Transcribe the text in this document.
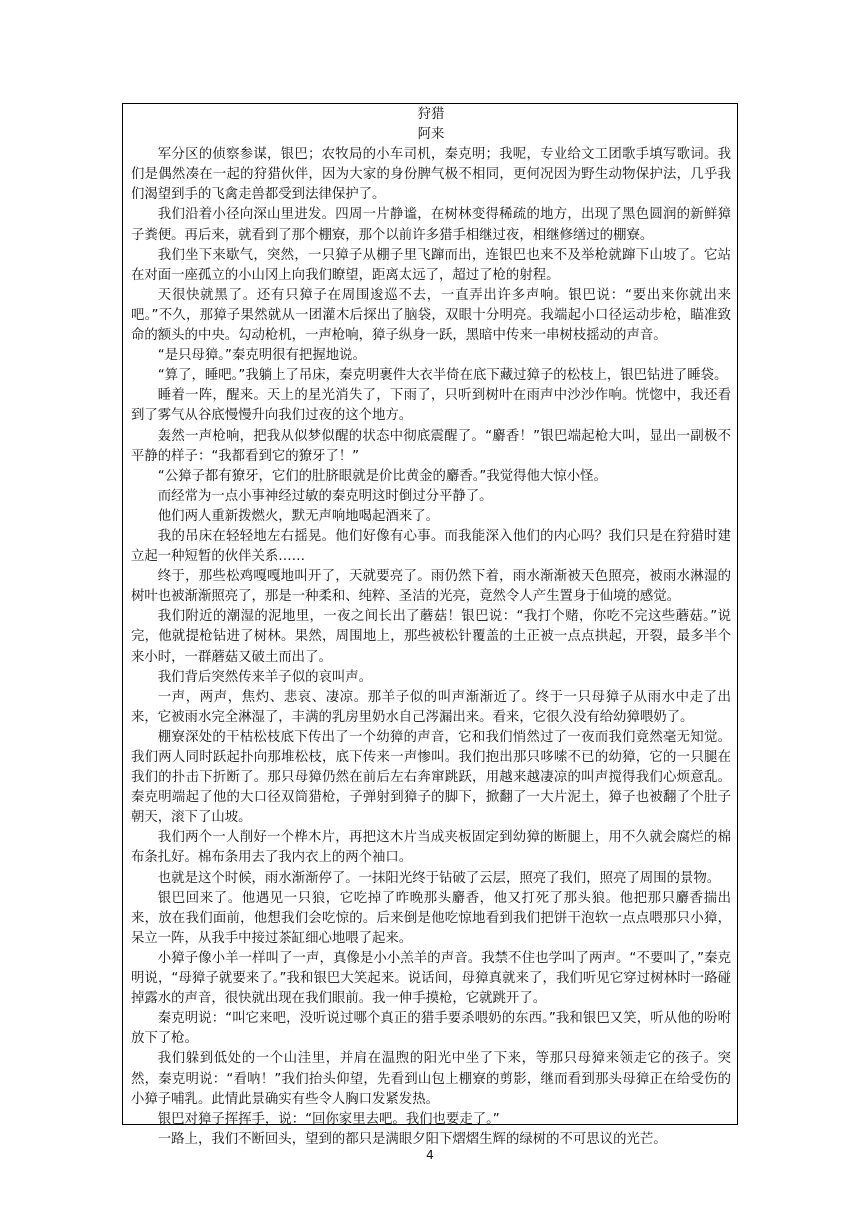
狩猎

阿来

军分区的侦察参谋，银巴；农牧局的小车司机，秦克明；我呢，专业给文工团歌手填写歌词。我们是偶然凑在一起的狩猎伙伴，因为大家的身份脾气极不相同，更何况因为野生动物保护法，几乎我们渴望到手的飞禽走兽都受到法律保护了。

我们沿着小径向深山里进发。四周一片静谧，在树林变得稀疏的地方，出现了黑色圆润的新鲜獐子粪便。再后来，就看到了那个棚寮，那个以前许多猎手相继过夜，相继修缮过的棚寮。

我们坐下来歇气，突然，一只獐子从棚子里飞蹿而出，连银巴也来不及举枪就蹿下山坡了。它站在对面一座孤立的小山冈上向我们瞭望，距离太远了，超过了枪的射程。

天很快就黑了。还有只獐子在周围逡巡不去，一直弄出许多声响。银巴说：“要出来你就出来吧。”不久，那獐子果然就从一团灌木后探出了脑袋，双眼十分明亮。我端起小口径运动步枪，瞄准致命的额头的中央。勾动枪机，一声枪响，獐子纵身一跃，黑暗中传来一串树枝摇动的声音。

“是只母獐。”秦克明很有把握地说。

“算了，睡吧。”我躺上了吊床，秦克明裹件大衣半倚在底下藏过獐子的松枝上，银巴钻进了睡袋。

睡着一阵，醒来。天上的星光消失了，下雨了，只听到树叶在雨声中沙沙作响。恍惚中，我还看到了雾气从谷底慢慢升向我们过夜的这个地方。

轰然一声枪响，把我从似梦似醒的状态中彻底震醒了。“麝香！”银巴端起枪大叫，显出一副极不平静的样子：“我都看到它的獠牙了！”

“公獐子都有獠牙，它们的肚脐眼就是价比黄金的麝香。”我觉得他大惊小怪。

而经常为一点小事神经过敏的秦克明这时倒过分平静了。

他们两人重新拨燃火，默无声响地喝起酒来了。

我的吊床在轻轻地左右摇晃。他们好像有心事。而我能深入他们的内心吗？我们只是在狩猎时建立起一种短暂的伙伴关系……

终于，那些松鸡嘎嘎地叫开了，天就要亮了。雨仍然下着，雨水渐渐被天色照亮，被雨水淋湿的树叶也被渐渐照亮了，那是一种柔和、纯粹、圣洁的光亮，竟然令人产生置身于仙境的感觉。

我们附近的潮湿的泥地里，一夜之间长出了蘑菇！银巴说：“我打个赌，你吃不完这些蘑菇。”说完，他就提枪钻进了树林。果然，周围地上，那些被松针覆盖的土正被一点点拱起，开裂，最多半个来小时，一群蘑菇又破土而出了。

我们背后突然传来羊子似的哀叫声。

一声，两声，焦灼、悲哀、凄凉。那羊子似的叫声渐渐近了。终于一只母獐子从雨水中走了出来，它被雨水完全淋湿了，丰满的乳房里奶水自己涔漏出来。看来，它很久没有给幼獐喂奶了。

棚寮深处的干枯松枝底下传出了一个幼獐的声音，它和我们悄然过了一夜而我们竟然毫无知觉。我们两人同时跃起扑向那堆松枝，底下传来一声惨叫。我们抱出那只哆嗦不已的幼獐，它的一只腿在我们的扑击下折断了。那只母獐仍然在前后左右奔窜跳跃，用越来越凄凉的叫声搅得我们心烦意乱。秦克明端起了他的大口径双筒猎枪，子弹射到獐子的脚下，掀翻了一大片泥土，獐子也被翻了个肚子朝天，滚下了山坡。

我们两个一人削好一个桦木片，再把这木片当成夹板固定到幼獐的断腿上，用不久就会腐烂的棉布条扎好。棉布条用去了我内衣上的两个袖口。

也就是这个时候，雨水渐渐停了。一抹阳光终于钻破了云层，照亮了我们，照亮了周围的景物。

银巴回来了。他遇见一只狼，它吃掉了昨晚那头麝香，他又打死了那头狼。他把那只麝香揣出来，放在我们面前，他想我们会吃惊的。后来倒是他吃惊地看到我们把饼干泡软一点点喂那只小獐，呆立一阵，从我手中接过茶缸细心地喂了起来。

小獐子像小羊一样叫了一声，真像是小小羔羊的声音。我禁不住也学叫了两声。“不要叫了，”秦克明说，“母獐子就要来了。”我和银巴大笑起来。说话间，母獐真就来了，我们听见它穿过树林时一路碰掉露水的声音，很快就出现在我们眼前。我一伸手摸枪，它就跳开了。

秦克明说：“叫它来吧，没听说过哪个真正的猎手要杀喂奶的东西。”我和银巴又笑，听从他的吩咐放下了枪。

我们躲到低处的一个山洼里，并肩在温煦的阳光中坐了下来，等那只母獐来领走它的孩子。突然，秦克明说：“看呐！”我们抬头仰望，先看到山包上棚寮的剪影，继而看到那头母獐正在给受伤的小獐子哺乳。此情此景确实有些令人胸口发紧发热。

银巴对獐子挥挥手，说：“回你家里去吧。我们也要走了。”

一路上，我们不断回头，望到的都只是满眼夕阳下熠熠生辉的绿树的不可思议的光芒。

4
